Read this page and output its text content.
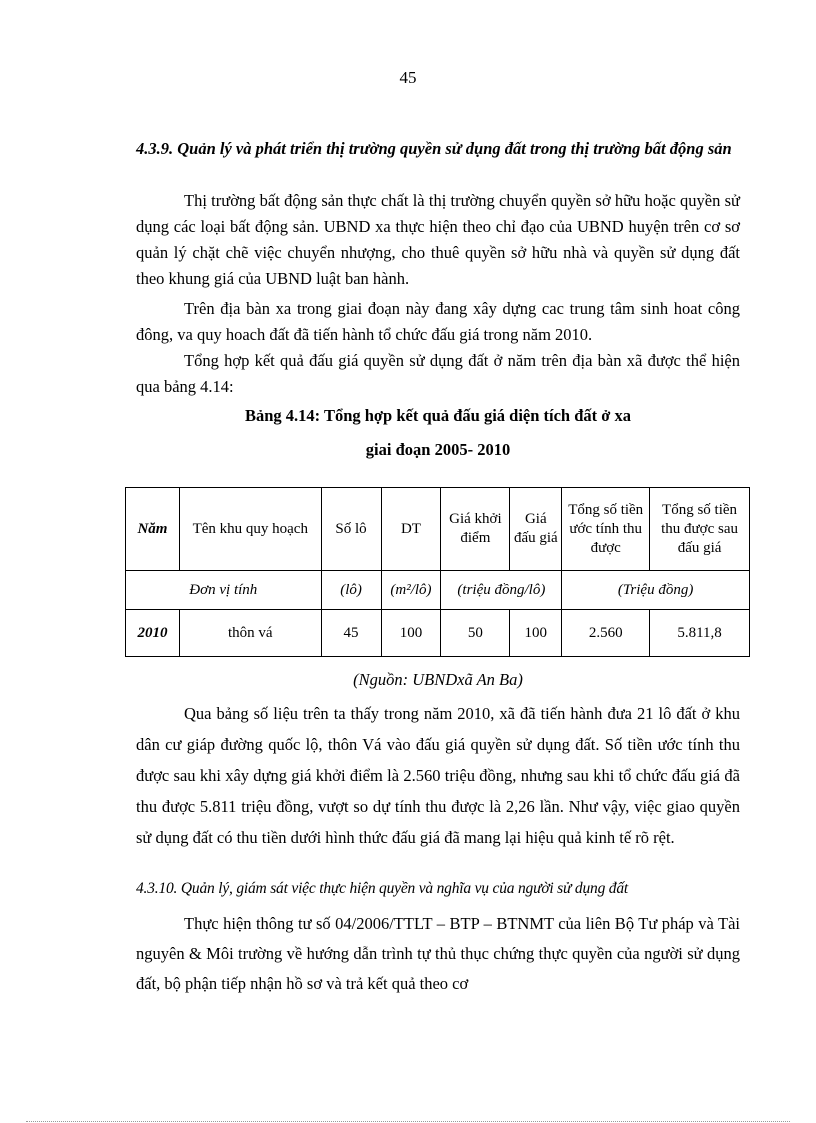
45
4.3.9. Quản lý và phát triển thị trường quyền sử dụng đất trong thị trường bất động sản
Thị trường bất động sản thực chất là thị trường chuyển quyền sở hữu hoặc quyền sử dụng các loại bất động sản. UBND xa thực hiện theo chỉ đạo của UBND huyện trên cơ sơ quản lý chặt chẽ việc chuyển nhượng, cho thuê quyền sở hữu nhà và quyền sử dụng đất theo khung giá của UBND luật ban hành.
Trên địa bàn xa trong giai đoạn này đang xây dựng cac trung tâm sinh hoat công đông, va quy hoach đất đã tiến hành tổ chức đấu giá trong năm 2010.
Tổng hợp kết quả đấu giá quyền sử dụng đất ở năm trên địa bàn xã được thể hiện qua bảng 4.14:
Bảng 4.14: Tổng hợp kết quả đấu giá diện tích đất ở xa
giai đoạn 2005- 2010
Năm	Tên khu quy hoạch	Số lô	DT	Giá khởi điểm	Giá đấu giá	Tổng số tiền ước tính thu được	Tổng số tiền thu được sau đấu giá
Đơn vị tính		(lô)	(m²/lô)	(triệu đồng/lô)		(Triệu đồng)	
2010	thôn vá	45	100	50	100	2.560	5.811,8
(Nguồn: UBNDxã An Ba)
Qua bảng số liệu trên ta thấy trong năm 2010, xã đã tiến hành đưa 21 lô đất ở khu dân cư giáp đường quốc lộ, thôn Vá vào đấu giá quyền sử dụng đất. Số tiền ước tính thu được sau khi xây dựng giá khởi điểm là 2.560 triệu đồng, nhưng sau khi tổ chức đấu giá đã thu được 5.811 triệu đồng, vượt so dự tính thu được là 2,26 lần. Như vậy, việc giao quyền sử dụng đất có thu tiền dưới hình thức đấu giá đã mang lại hiệu quả kinh tế rõ rệt.
4.3.10. Quản lý, giám sát việc thực hiện quyền và nghĩa vụ của người sử dụng đất
Thực hiện thông tư số 04/2006/TTLT – BTP – BTNMT của liên Bộ Tư pháp và Tài nguyên & Môi trường về hướng dẫn trình tự thủ thục chứng thực quyền của người sử dụng đất, bộ phận tiếp nhận hồ sơ và trả kết quả theo cơ
